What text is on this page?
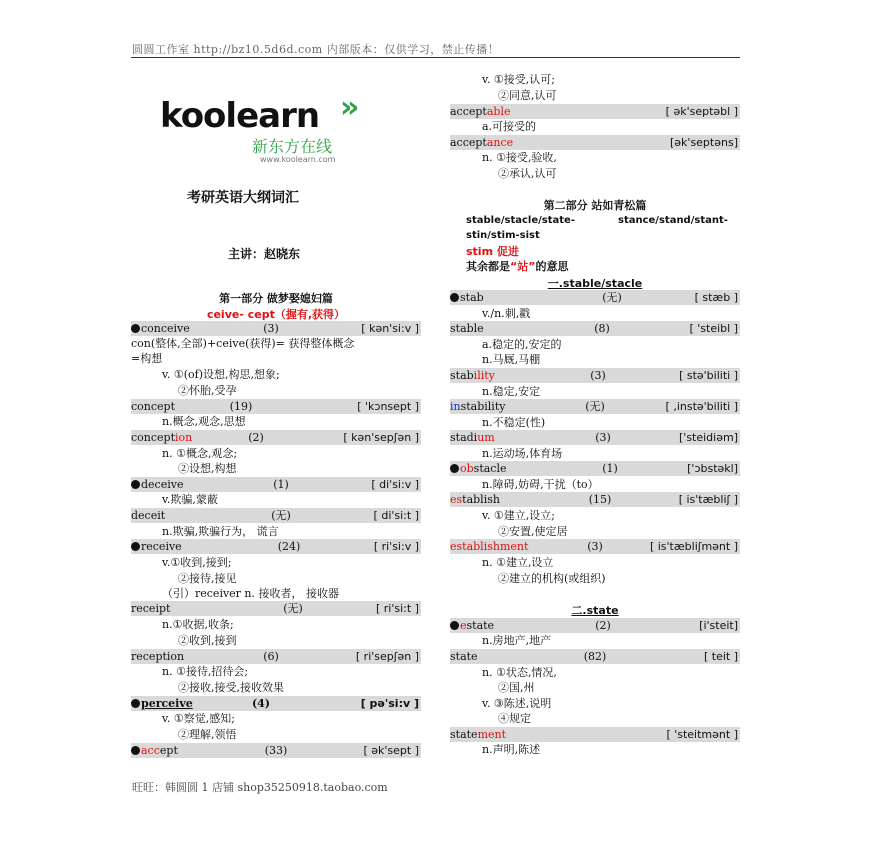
圆圆工作室 http://bz10.5d6d.com 内部版本：仅供学习，禁止传播！
旺旺：韩圆圆 1 店铺 shop35250918.taobao.com
koolearn »
新东方在线
www.koolearn.com
考研英语大纲词汇
主讲：赵晓东
第一部分 做梦娶媳妇篇
ceive- cept（握有,获得）
conceive	(3)	[ kən'si:v ]
con(整体,全部)+ceive(获得)= 获得整体概念
=构想
v. ①(of)设想,构思,想象;
②怀胎,受孕
concept	(19)	[ 'kɔnsept ]
n.概念,观念,思想
conception	(2)	[ kən'sepʃən ]
n. ①概念,观念;
②设想,构想
deceive	(1)	[ di'si:v ]
v.欺骗,蒙蔽
deceit	(无)	[ di'si:t ]
n.欺骗,欺骗行为， 谎言
receive	(24)	[ ri'si:v ]
v.①收到,接到;
②接待,接见
（引）receiver n. 接收者， 接收器
receipt	(无)	[ ri'si:t ]
n.①收据,收条;
②收到,接到
reception	(6)	[ ri'sepʃən ]
n. ①接待,招待会;
②接收,接受,接收效果
perceive	(4)	[ pə'si:v ]
v. ①察觉,感知;
②理解,领悟
accept	(33)	[ ək'sept ]
v. ①接受,认可;
②同意,认可
acceptable	[ ək'septəbl ]
a.可接受的
acceptance	[ək'septəns]
n. ①接受,验收,
②承认,认可
第二部分 站如青松篇
stable/stacle/state-	stance/stand/stant-
stin/stim-sist
stim 促进
其余都是“站”的意思
一.stable/stacle
stab	(无)	[ stæb ]
v./n.刺,戳
stable	(8)	[ 'steibl ]
a.稳定的,安定的
n.马厩,马棚
stability	(3)	[ stə'biliti ]
n.稳定,安定
instability	(无)	[ ,instə'biliti ]
n.不稳定(性)
stadium	(3)	['steidiəm]
n.运动场,体育场
obstacle	(1)	['ɔbstəkl]
n.障碍,妨碍,干扰（to）
establish	(15)	[ is'tæbliʃ ]
v. ①建立,设立;
②安置,使定居
establishment	(3)	[ is'tæbliʃmənt ]
n. ①建立,设立
②建立的机构(或组织)
二.state
estate	(2)	[i'steit]
n.房地产,地产
state	(82)	[ teit ]
n. ①状态,情况,
②国,州
v. ③陈述,说明
④规定
statement	[ 'steitmənt ]
n.声明,陈述
